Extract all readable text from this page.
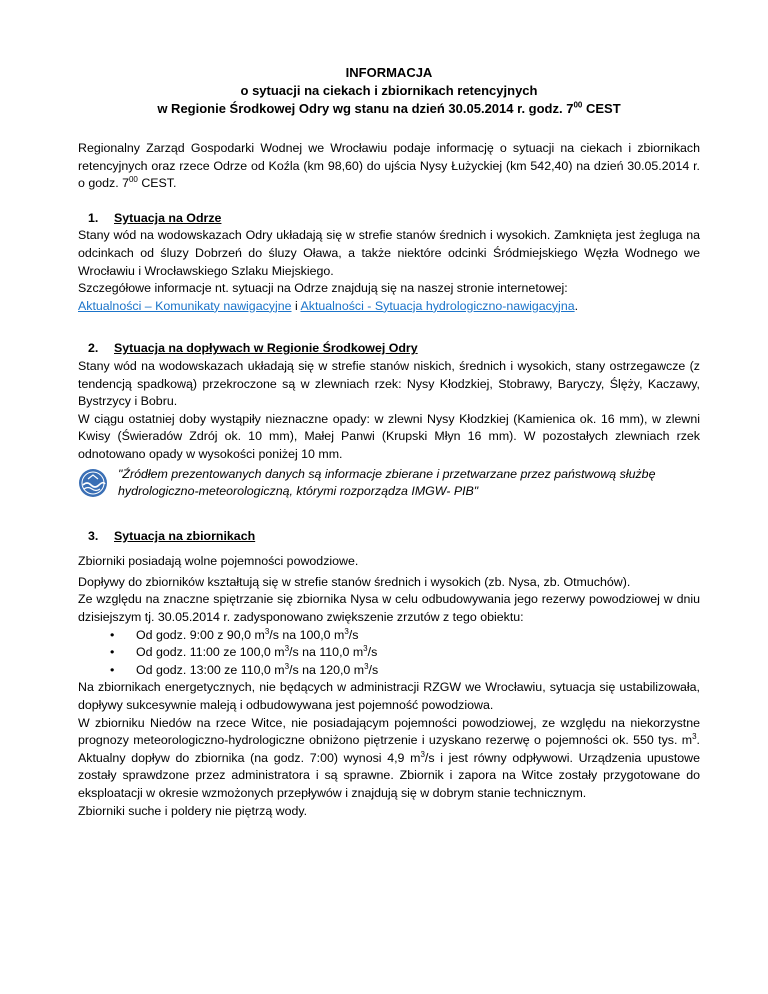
INFORMACJA
o sytuacji na ciekach i zbiornikach retencyjnych
w Regionie Środkowej Odry wg stanu na dzień 30.05.2014 r. godz. $7^{00}$ CEST

Regionalny Zarząd Gospodarki Wodnej we Wrocławiu podaje informację o sytuacji na ciekach i zbiornikach retencyjnych oraz rzece Odrze od Koźla (km 98,60) do ujścia Nysy Łużyckiej (km 542,40) na dzień 30.05.2014 r. o godz. $7^{00}$ CEST.

1. Sytuacja na Odrze

Stany wód na wodowskazach Odry układają się w strefie stanów średnich i wysokich. Zamknięta jest żegluga na odcinkach od śluzy Dobrzeń do śluzy Oława, a także niektóre odcinki Śródmiejskiego Węzła Wodnego we Wrocławiu i Wrocławskiego Szlaku Miejskiego.

Szczegółowe informacje nt. sytuacji na Odrze znajdują się na naszej stronie internetowej:

Aktualności – Komunikaty nawigacyjne i Aktualności - Sytuacja hydrologiczno-nawigacyjna.

2. Sytuacja na dopływach w Regionie Środkowej Odry

Stany wód na wodowskazach układają się w strefie stanów niskich, średnich i wysokich, stany ostrzegawcze (z tendencją spadkową) przekroczone są w zlewniach rzek: Nysy Kłodzkiej, Stobrawy, Baryczy, Ślęży, Kaczawy, Bystrzycy i Bobru.

W ciągu ostatniej doby wystąpiły nieznaczne opady: w zlewni Nysy Kłodzkiej (Kamienica ok. 16 mm), w zlewni Kwisy (Świeradów Zdrój ok. 10 mm), Małej Panwi (Krupski Młyn 16 mm). W pozostałych zlewniach rzek odnotowano opady w wysokości poniżej 10 mm.

"Źródłem prezentowanych danych są informacje zbierane i przetwarzane przez państwową służbę hydrologiczno-meteorologiczną, którymi rozporządza IMGW- PIB"
3. Sytuacja na zbiornikach

Zbiorniki posiadają wolne pojemności powodziowe.

Dopływy do zbiorników kształtują się w strefie stanów średnich i wysokich (zb. Nysa, zb. Otmuchów).

Ze względu na znaczne spiętrzanie się zbiornika Nysa w celu odbudowywania jego rezerwy powodziowej w dniu dzisiejszym tj. 30.05.2014 r. zadysponowano zwiększenie zrzutów z tego obiektu:

• Od godz. 9:00 z 90,0 $m^3/s$ na 100,0 $m^3/s$
• Od godz. 11:00 ze 100,0 $m^3/s$ na 110,0 $m^3/s$
• Od godz. 13:00 ze 110,0 $m^3/s$ na 120,0 $m^3/s$

Na zbiornikach energetycznych, nie będących w administracji RZGW we Wrocławiu, sytuacja się ustabilizowała, dopływy sukcesywnie maleją i odbudowywana jest pojemność powodziowa.

W zbiorniku Niedów na rzece Witce, nie posiadającym pojemności powodziowej, ze względu na niekorzystne prognozy meteorologiczno-hydrologiczne obniżono piętrzenie i uzyskano rezerwę o pojemności ok. 550 tys. $m^3$. Aktualny dopływ do zbiornika (na godz. 7:00) wynosi 4,9 $m^3/s$ i jest równy odpływowi. Urządzenia upustowe zostały sprawdzone przez administratora i są sprawne. Zbiornik i zapora na Witce zostały przygotowane do eksploatacji w okresie wzmożonych przepływów i znajdują się w dobrym stanie technicznym.

Zbiorniki suche i poldery nie piętrzą wody.
